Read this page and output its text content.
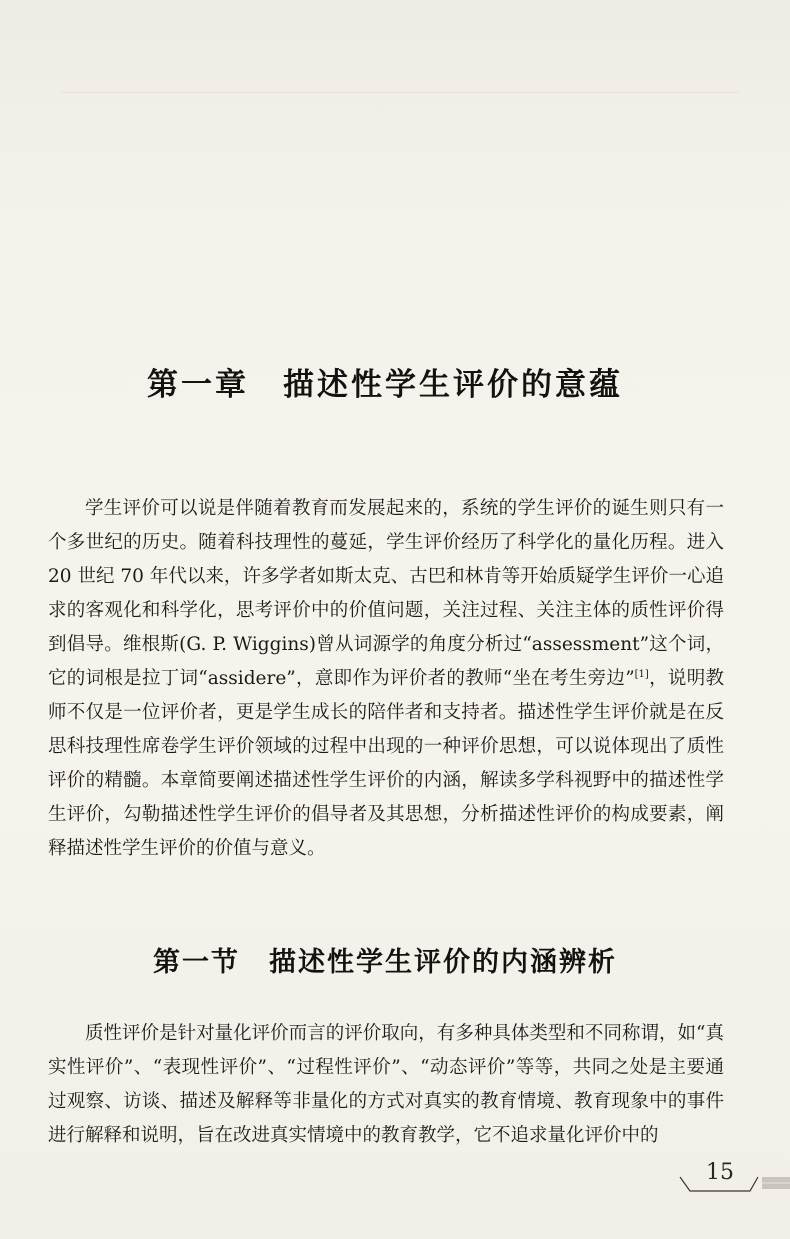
第一章　描述性学生评价的意蕴

学生评价可以说是伴随着教育而发展起来的，系统的学生评价的诞生则只有一个多世纪的历史。随着科技理性的蔓延，学生评价经历了科学化的量化历程。进入 20 世纪 70 年代以来，许多学者如斯太克、古巴和林肯等开始质疑学生评价一心追求的客观化和科学化，思考评价中的价值问题，关注过程、关注主体的质性评价得到倡导。维根斯(G. P. Wiggins)曾从词源学的角度分析过“assessment”这个词，它的词根是拉丁词“assidere”，意即作为评价者的教师“坐在考生旁边”[1]，说明教师不仅是一位评价者，更是学生成长的陪伴者和支持者。描述性学生评价就是在反思科技理性席卷学生评价领域的过程中出现的一种评价思想，可以说体现出了质性评价的精髓。本章简要阐述描述性学生评价的内涵，解读多学科视野中的描述性学生评价，勾勒描述性学生评价的倡导者及其思想，分析描述性评价的构成要素，阐释描述性学生评价的价值与意义。

第一节　描述性学生评价的内涵辨析

质性评价是针对量化评价而言的评价取向，有多种具体类型和不同称谓，如“真实性评价”、“表现性评价”、“过程性评价”、“动态评价”等等，共同之处是主要通过观察、访谈、描述及解释等非量化的方式对真实的教育情境、教育现象中的事件进行解释和说明，旨在改进真实情境中的教育教学，它不追求量化评价中的

15
